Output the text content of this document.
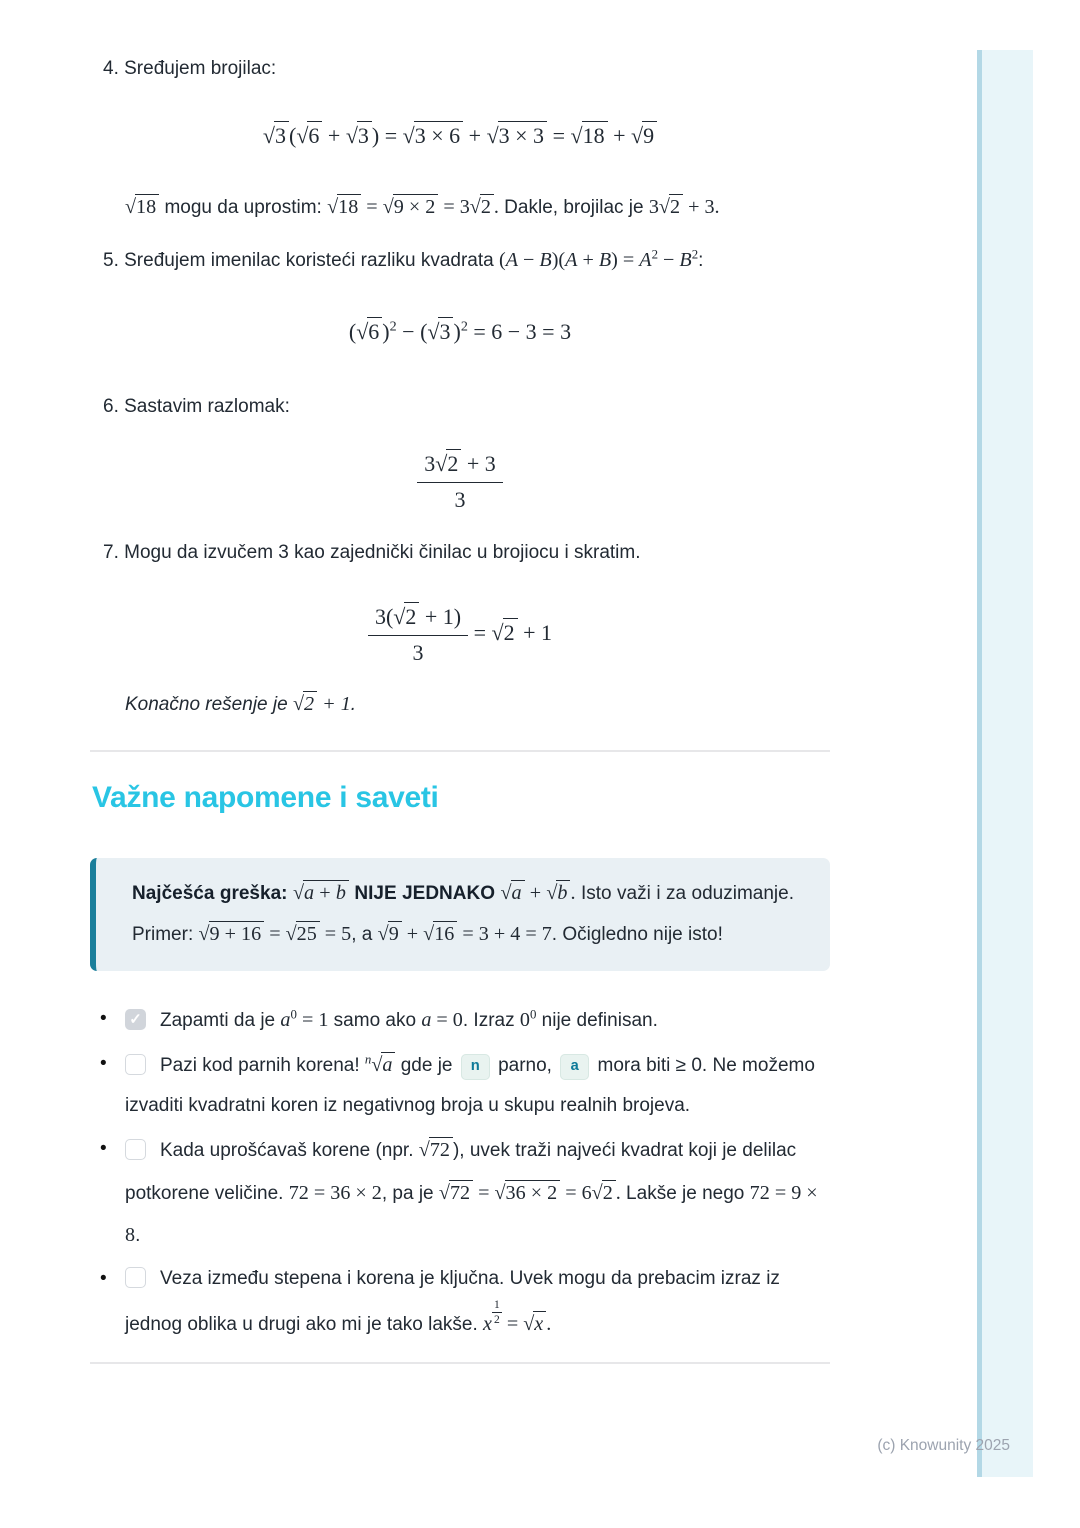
4. Sređujem brojilac:

√3 (√6 + √3 ) = √3 × 6 + √3 × 3 = √18 + √9

√18 mogu da uprostim: √18 = √9 × 2 = 3√2 . Dakle, brojilac je 3√2 + 3.

5. Sređujem imenilac koristeći razliku kvadrata $(A - B)(A + B) = A^2 - B^2$:

(√6 )$^2$ − (√3 )$^2$ = 6 − 3 = 3

6. Sastavim razlomak:

$\frac{3√2 + 3}{3}$

7. Mogu da izvučem 3 kao zajednički činilac u brojiocu i skratim.

$\frac{3(√2 + 1)}{3} = √2 + 1$

Konačno rešenje je √2 + 1.

Važne napomene i saveti

Najčešća greška: √a + b NIJE JEDNAKO √a + √b . Isto važi i za oduzimanje. Primer: √9 + 16 = √25 = 5, a √9 + √16 = 3 + 4 = 7. Očigledno nije isto!

• ✓	Zapamti da je $a^0 = 1$ samo ako a = 0. Izraz $0^0$ nije definisan.
•	Pazi kod parnih korena! $^n$√a gde je n parno, a mora biti ≥ 0. Ne možemo izvaditi kvadratni koren iz negativnog broja u skupu realnih brojeva.
•	Kada uprošćavaš korene (npr. √72 ), uvek traži najveći kvadrat koji je delilac potkorene veličine. 72 = 36 × 2, pa je √72 = √36 × 2 = 6√2 . Lakše je nego 72 = 9 × 8.
•	Veza između stepena i korena je ključna. Uvek mogu da prebacim izraz iz jednog oblika u drugi ako mi je tako lakše. x $^{\frac{1}{2}}$ = √x .
(c) Knowunity 2025
